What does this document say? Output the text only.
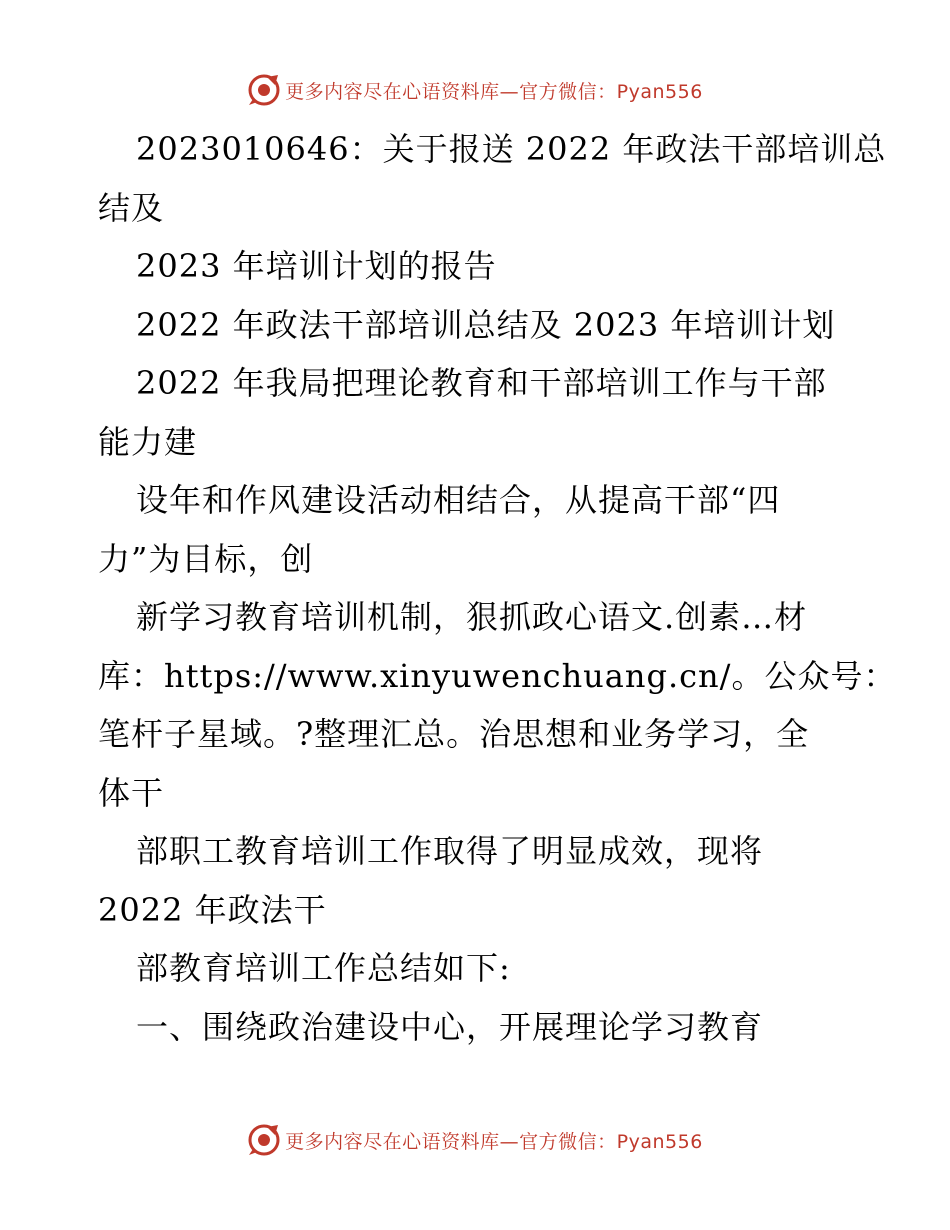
更多内容尽在心语资料库—官方微信：Pyan556
2023010646：关于报送 2022 年政法干部培训总
结及
2023 年培训计划的报告
2022 年政法干部培训总结及 2023 年培训计划
2022 年我局把理论教育和干部培训工作与干部
能力建
设年和作风建设活动相结合，从提高干部“四
力”为目标，创
新学习教育培训机制，狠抓政心语文.创素…材
库：https://www.xinyuwenchuang.cn/。公众号：
笔杆子星域。?整理汇总。治思想和业务学习，全
体干
部职工教育培训工作取得了明显成效，现将
2022 年政法干
部教育培训工作总结如下:
一、围绕政治建设中心，开展理论学习教育
更多内容尽在心语资料库—官方微信：Pyan556
